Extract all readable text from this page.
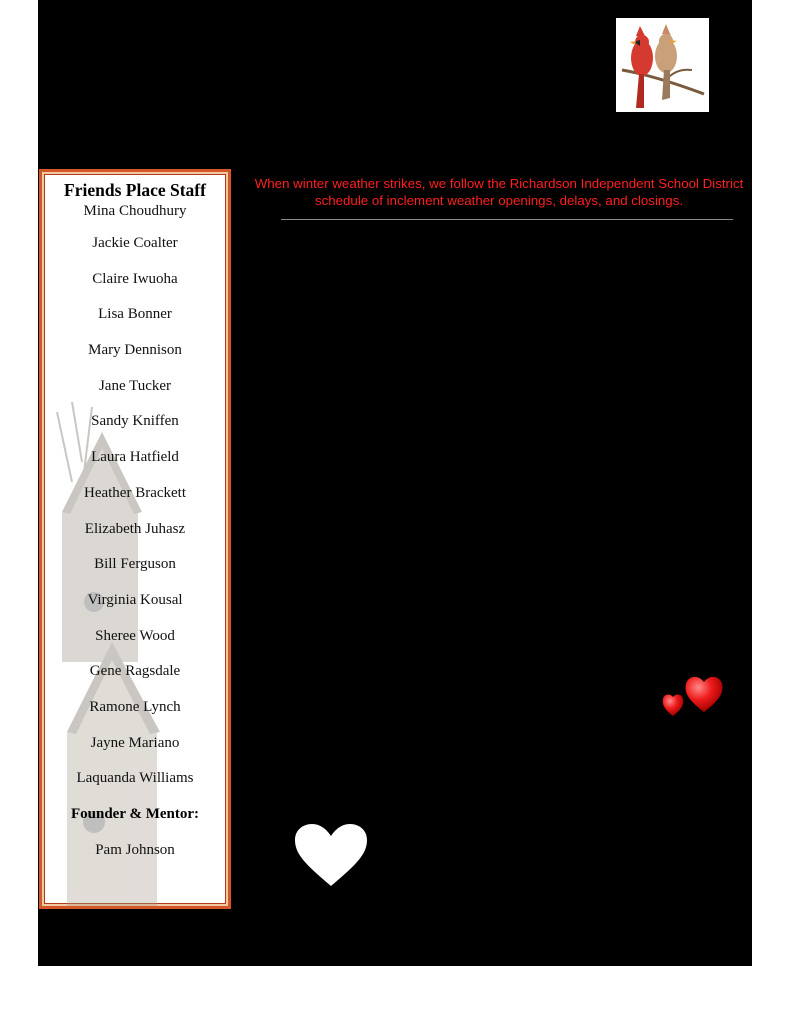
Friends Place Staff
Mina Choudhury
Jackie Coalter
Claire Iwuoha
Lisa Bonner
Mary Dennison
Jane Tucker
Sandy Kniffen
Laura Hatfield
Heather Brackett
Elizabeth Juhasz
Bill Ferguson
Virginia Kousal
Sheree Wood
Gene Ragsdale
Ramone Lynch
Jayne Mariano
Laquanda Williams
Founder & Mentor:
Pam Johnson
When winter weather strikes, we follow the Richardson Independent School District schedule of inclement weather openings, delays, and closings.
